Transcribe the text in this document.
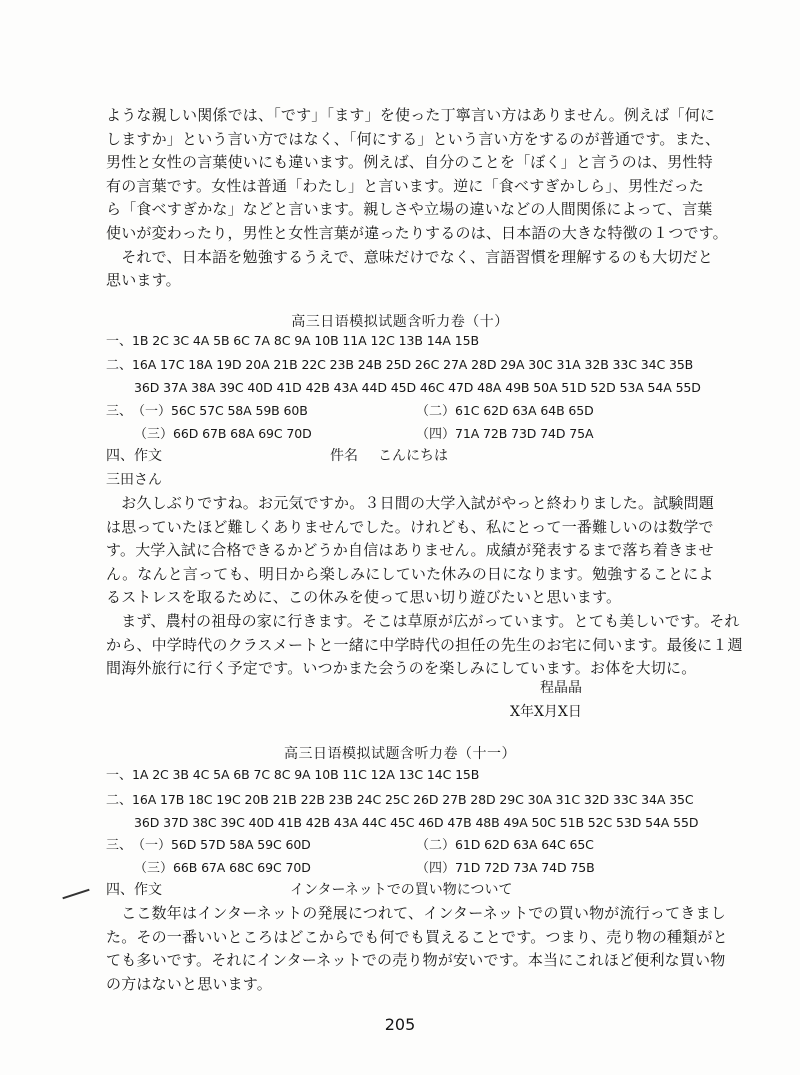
ような親しい関係では、「です」「ます」を使った丁寧言い方はありません。例えば「何に
しますか」という言い方ではなく、「何にする」という言い方をするのが普通です。また、
男性と女性の言葉使いにも違います。例えば、自分のことを「ぼく」と言うのは、男性特
有の言葉です。女性は普通「わたし」と言います。逆に「食べすぎかしら」、男性だった
ら「食べすぎかな」などと言います。親しさや立場の違いなどの人間関係によって、言葉
使いが変わったり，男性と女性言葉が違ったりするのは、日本語の大きな特徴の１つです。
　それで、日本語を勉強するうえで、意味だけでなく、言語習慣を理解するのも大切だと
思います。
高三日语模拟试题含听力卷（十）
一、1B 2C 3C 4A 5B 6C 7A 8C 9A 10B 11A 12C 13B 14A 15B
二、16A 17C 18A 19D 20A 21B 22C 23B 24B 25D 26C 27A 28D 29A 30C 31A 32B 33C 34C 35B
36D 37A 38A 39C 40D 41D 42B 43A 44D 45D 46C 47D 48A 49B 50A 51D 52D 53A 54A 55D
三、（一）56C 57C 58A 59B 60B	（二）61C 62D 63A 64B 65D
（三）66D 67B 68A 69C 70D	（四）71A 72B 73D 74D 75A
四、作文	件名 こんにちは
三田さん
　お久しぶりですね。お元気ですか。３日間の大学入試がやっと終わりました。試験問題
は思っていたほど難しくありませんでした。けれども、私にとって一番難しいのは数学で
す。大学入試に合格できるかどうか自信はありません。成績が発表するまで落ち着きませ
ん。なんと言っても、明日から楽しみにしていた休みの日になります。勉強することによ
るストレスを取るために、この休みを使って思い切り遊びたいと思います。
　まず、農村の祖母の家に行きます。そこは草原が広がっています。とても美しいです。それ
から、中学時代のクラスメートと一緒に中学時代の担任の先生のお宅に伺います。最後に１週
間海外旅行に行く予定です。いつかまた会うのを楽しみにしています。お体を大切に。
程晶晶
X年X月X日
高三日语模拟试题含听力卷（十一）
一、1A 2C 3B 4C 5A 6B 7C 8C 9A 10B 11C 12A 13C 14C 15B
二、16A 17B 18C 19C 20B 21B 22B 23B 24C 25C 26D 27B 28D 29C 30A 31C 32D 33C 34A 35C
36D 37D 38C 39C 40D 41B 42B 43A 44C 45C 46D 47B 48B 49A 50C 51B 52C 53D 54A 55D
三、（一）56D 57D 58A 59C 60D	（二）61D 62D 63A 64C 65C
（三）66B 67A 68C 69C 70D	（四）71D 72D 73A 74D 75B
四、作文	インターネットでの買い物について
　ここ数年はインターネットの発展につれて、インターネットでの買い物が流行ってきまし
た。その一番いいところはどこからでも何でも買えることです。つまり、売り物の種類がと
ても多いです。それにインターネットでの売り物が安いです。本当にこれほど便利な買い物
の方はないと思います。
205
